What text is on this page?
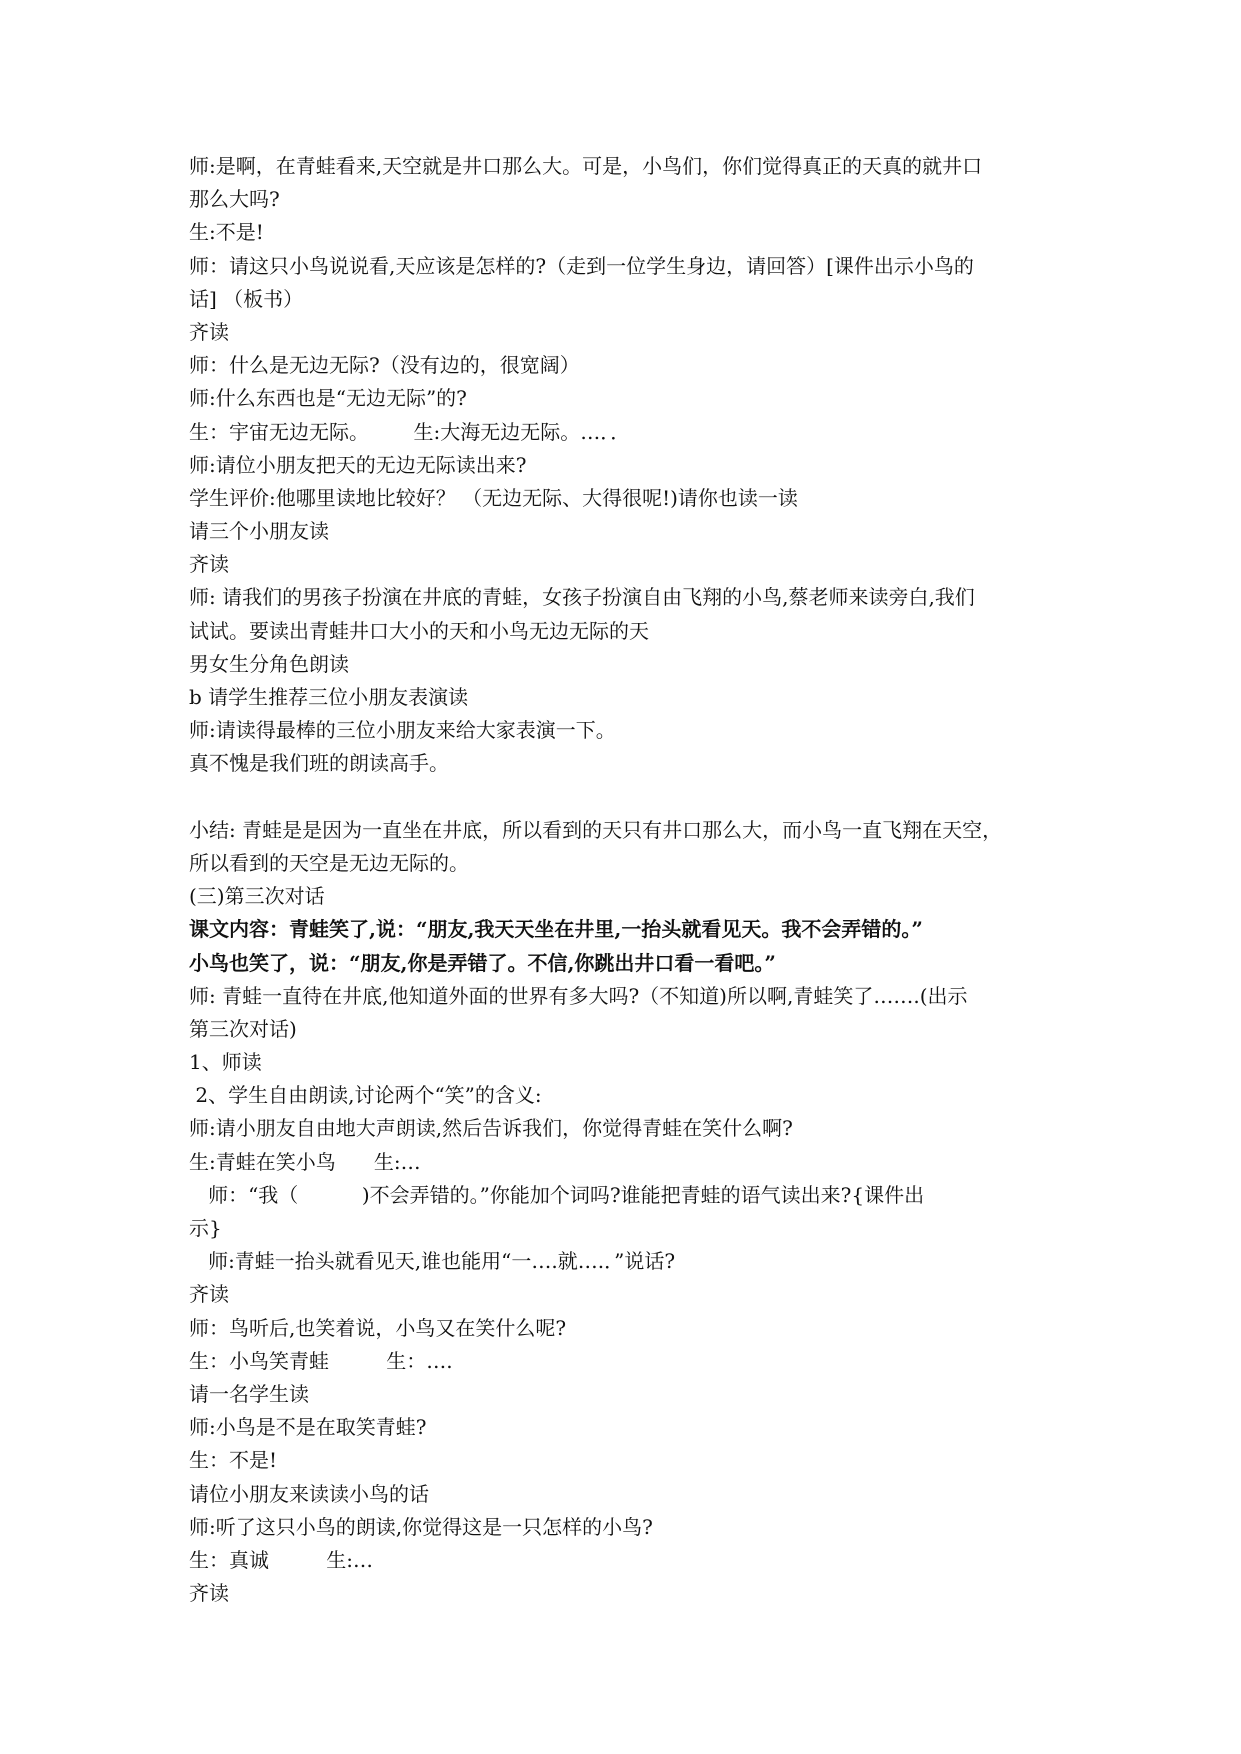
师:是啊，在青蛙看来,天空就是井口那么大。可是，小鸟们，你们觉得真正的天真的就井口
那么大吗?
生:不是!
师：请这只小鸟说说看,天应该是怎样的?（走到一位学生身边，请回答）[课件出示小鸟的
话] （板书）
齐读
师：什么是无边无际?（没有边的，很宽阔）
师:什么东西也是“无边无际”的?
生：宇宙无边无际。       生:大海无边无际。…．．
师:请位小朋友把天的无边无际读出来?
学生评价:他哪里读地比较好？ （无边无际、大得很呢!)请你也读一读
请三个小朋友读
齐读
师: 请我们的男孩子扮演在井底的青蛙，女孩子扮演自由飞翔的小鸟,蔡老师来读旁白,我们
试试。要读出青蛙井口大小的天和小鸟无边无际的天
男女生分角色朗读
b 请学生推荐三位小朋友表演读
师:请读得最棒的三位小朋友来给大家表演一下。
真不愧是我们班的朗读高手。
小结: 青蛙是是因为一直坐在井底，所以看到的天只有井口那么大，而小鸟一直飞翔在天空，
所以看到的天空是无边无际的。
(三)第三次对话
课文内容：青蛙笑了,说：“朋友,我天天坐在井里,一抬头就看见天。我不会弄错的。”
小鸟也笑了，说：“朋友,你是弄错了。不信,你跳出井口看一看吧。”
师: 青蛙一直待在井底,他知道外面的世界有多大吗?（不知道)所以啊,青蛙笑了…….(出示
第三次对话)
1、师读
2、学生自由朗读,讨论两个“笑”的含义:
师:请小朋友自由地大声朗读,然后告诉我们，你觉得青蛙在笑什么啊?
生:青蛙在笑小鸟      生:…
师：“我（          )不会弄错的。”你能加个词吗?谁能把青蛙的语气读出来?{课件出
示}
师:青蛙一抬头就看见天,谁也能用“一….就….．”说话?
齐读
师：鸟听后,也笑着说，小鸟又在笑什么呢?
生：小鸟笑青蛙         生：….
请一名学生读
师:小鸟是不是在取笑青蛙?
生：不是!
请位小朋友来读读小鸟的话
师:听了这只小鸟的朗读,你觉得这是一只怎样的小鸟?
生：真诚         生:…
齐读
